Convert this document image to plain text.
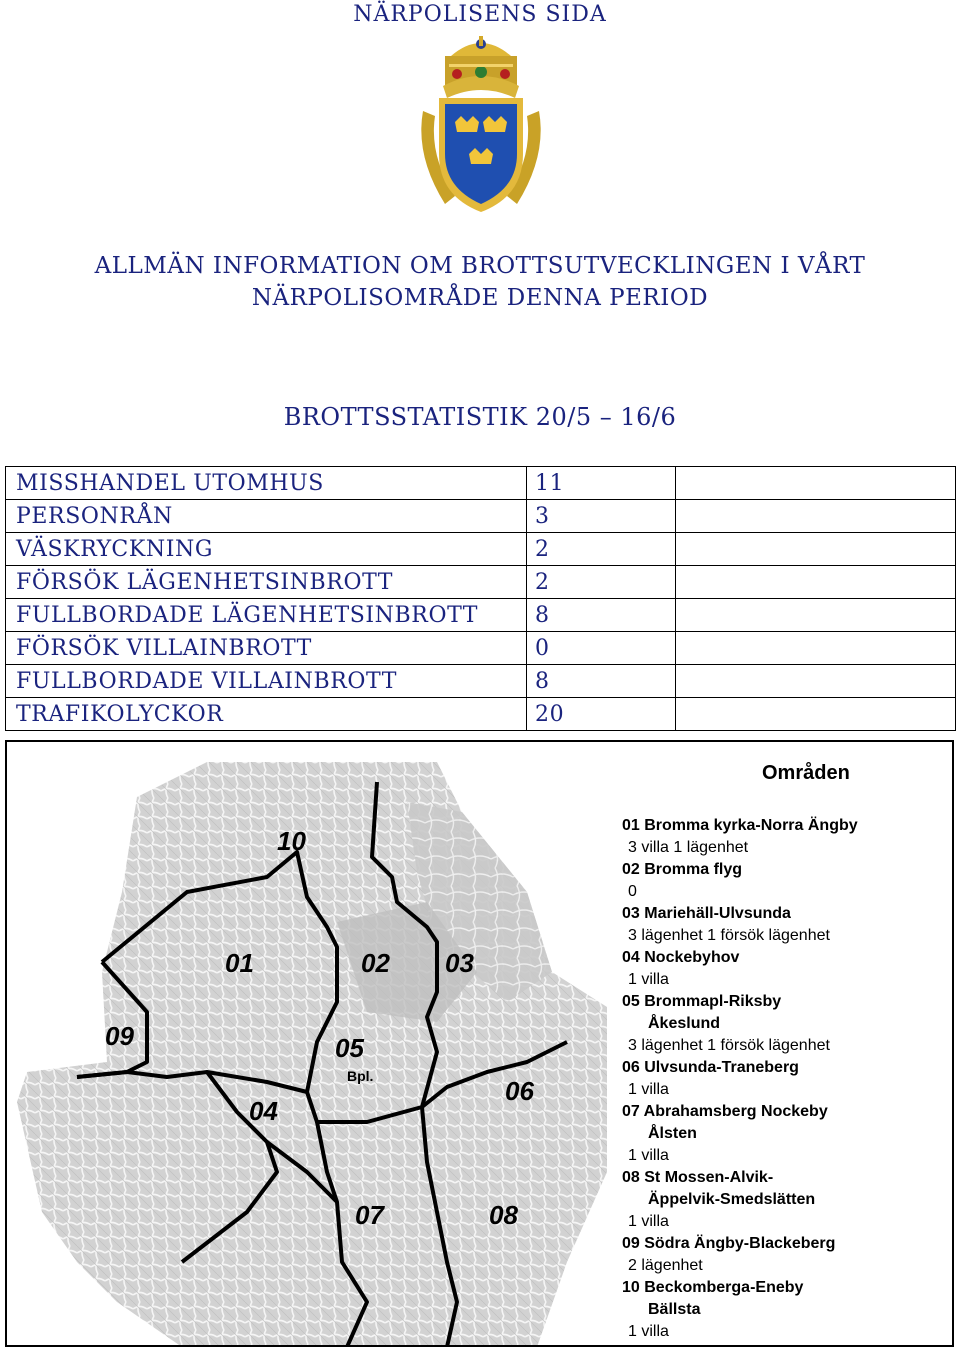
NÄRPOLISENS SIDA
ALLMÄN INFORMATION OM BROTTSUTVECKLINGEN I VÅRT
NÄRPOLISOMRÅDE DENNA PERIOD
BROTTSSTATISTIK 20/5 – 16/6
MISSHANDEL UTOMHUS	11	
PERSONRÅN	3	
VÄSKRYCKNING	2	
FÖRSÖK LÄGENHETSINBROTT	2	
FULLBORDADE LÄGENHETSINBROTT	8	
FÖRSÖK VILLAINBROTT	0	
FULLBORDADE VILLAINBROTT	8	
TRAFIKOLYCKOR	20	
10
01	02 03
09	05
06
04
07	08
Bpl.
Områden
01 Bromma kyrka-Norra Ängby
3 villa 1 lägenhet
02 Bromma flyg
0
03 Mariehäll-Ulvsunda
3 lägenhet 1 försök lägenhet
04 Nockebyhov
1 villa
05 Brommapl-Riksby
Åkeslund
3 lägenhet 1 försök lägenhet
06 Ulvsunda-Traneberg
1 villa
07 Abrahamsberg Nockeby
Ålsten
1 villa
08 St Mossen-Alvik-
Äppelvik-Smedslätten
1 villa
09 Södra Ängby-Blackeberg
2 lägenhet
10 Beckomberga-Eneby
Bällsta
1 villa
